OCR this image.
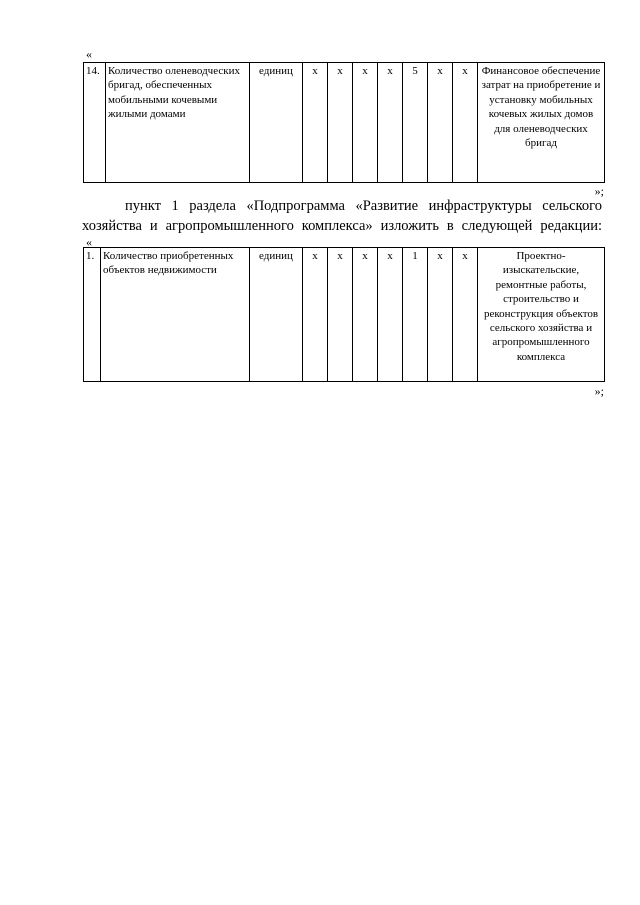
«
14.	Количество оленеводческих бригад, обеспеченных мобильными кочевыми жилыми домами	единиц	х	х	х	х	5	х	х	Финансовое обеспечение затрат на приобретение и установку мобильных кочевых жилых домов для оленеводческих бригад
»;
пункт 1 раздела «Подпрограмма «Развитие инфраструктуры сельского
хозяйства и агропромышленного комплекса» изложить в следующей редакции:
«
1.	Количество приобретенных объектов недвижимости	единиц	х	х	х	х	1	х	х	Проектно-изыскательские, ремонтные работы, строительство и реконструкция объектов сельского хозяйства и агропромышленного комплекса
»;
